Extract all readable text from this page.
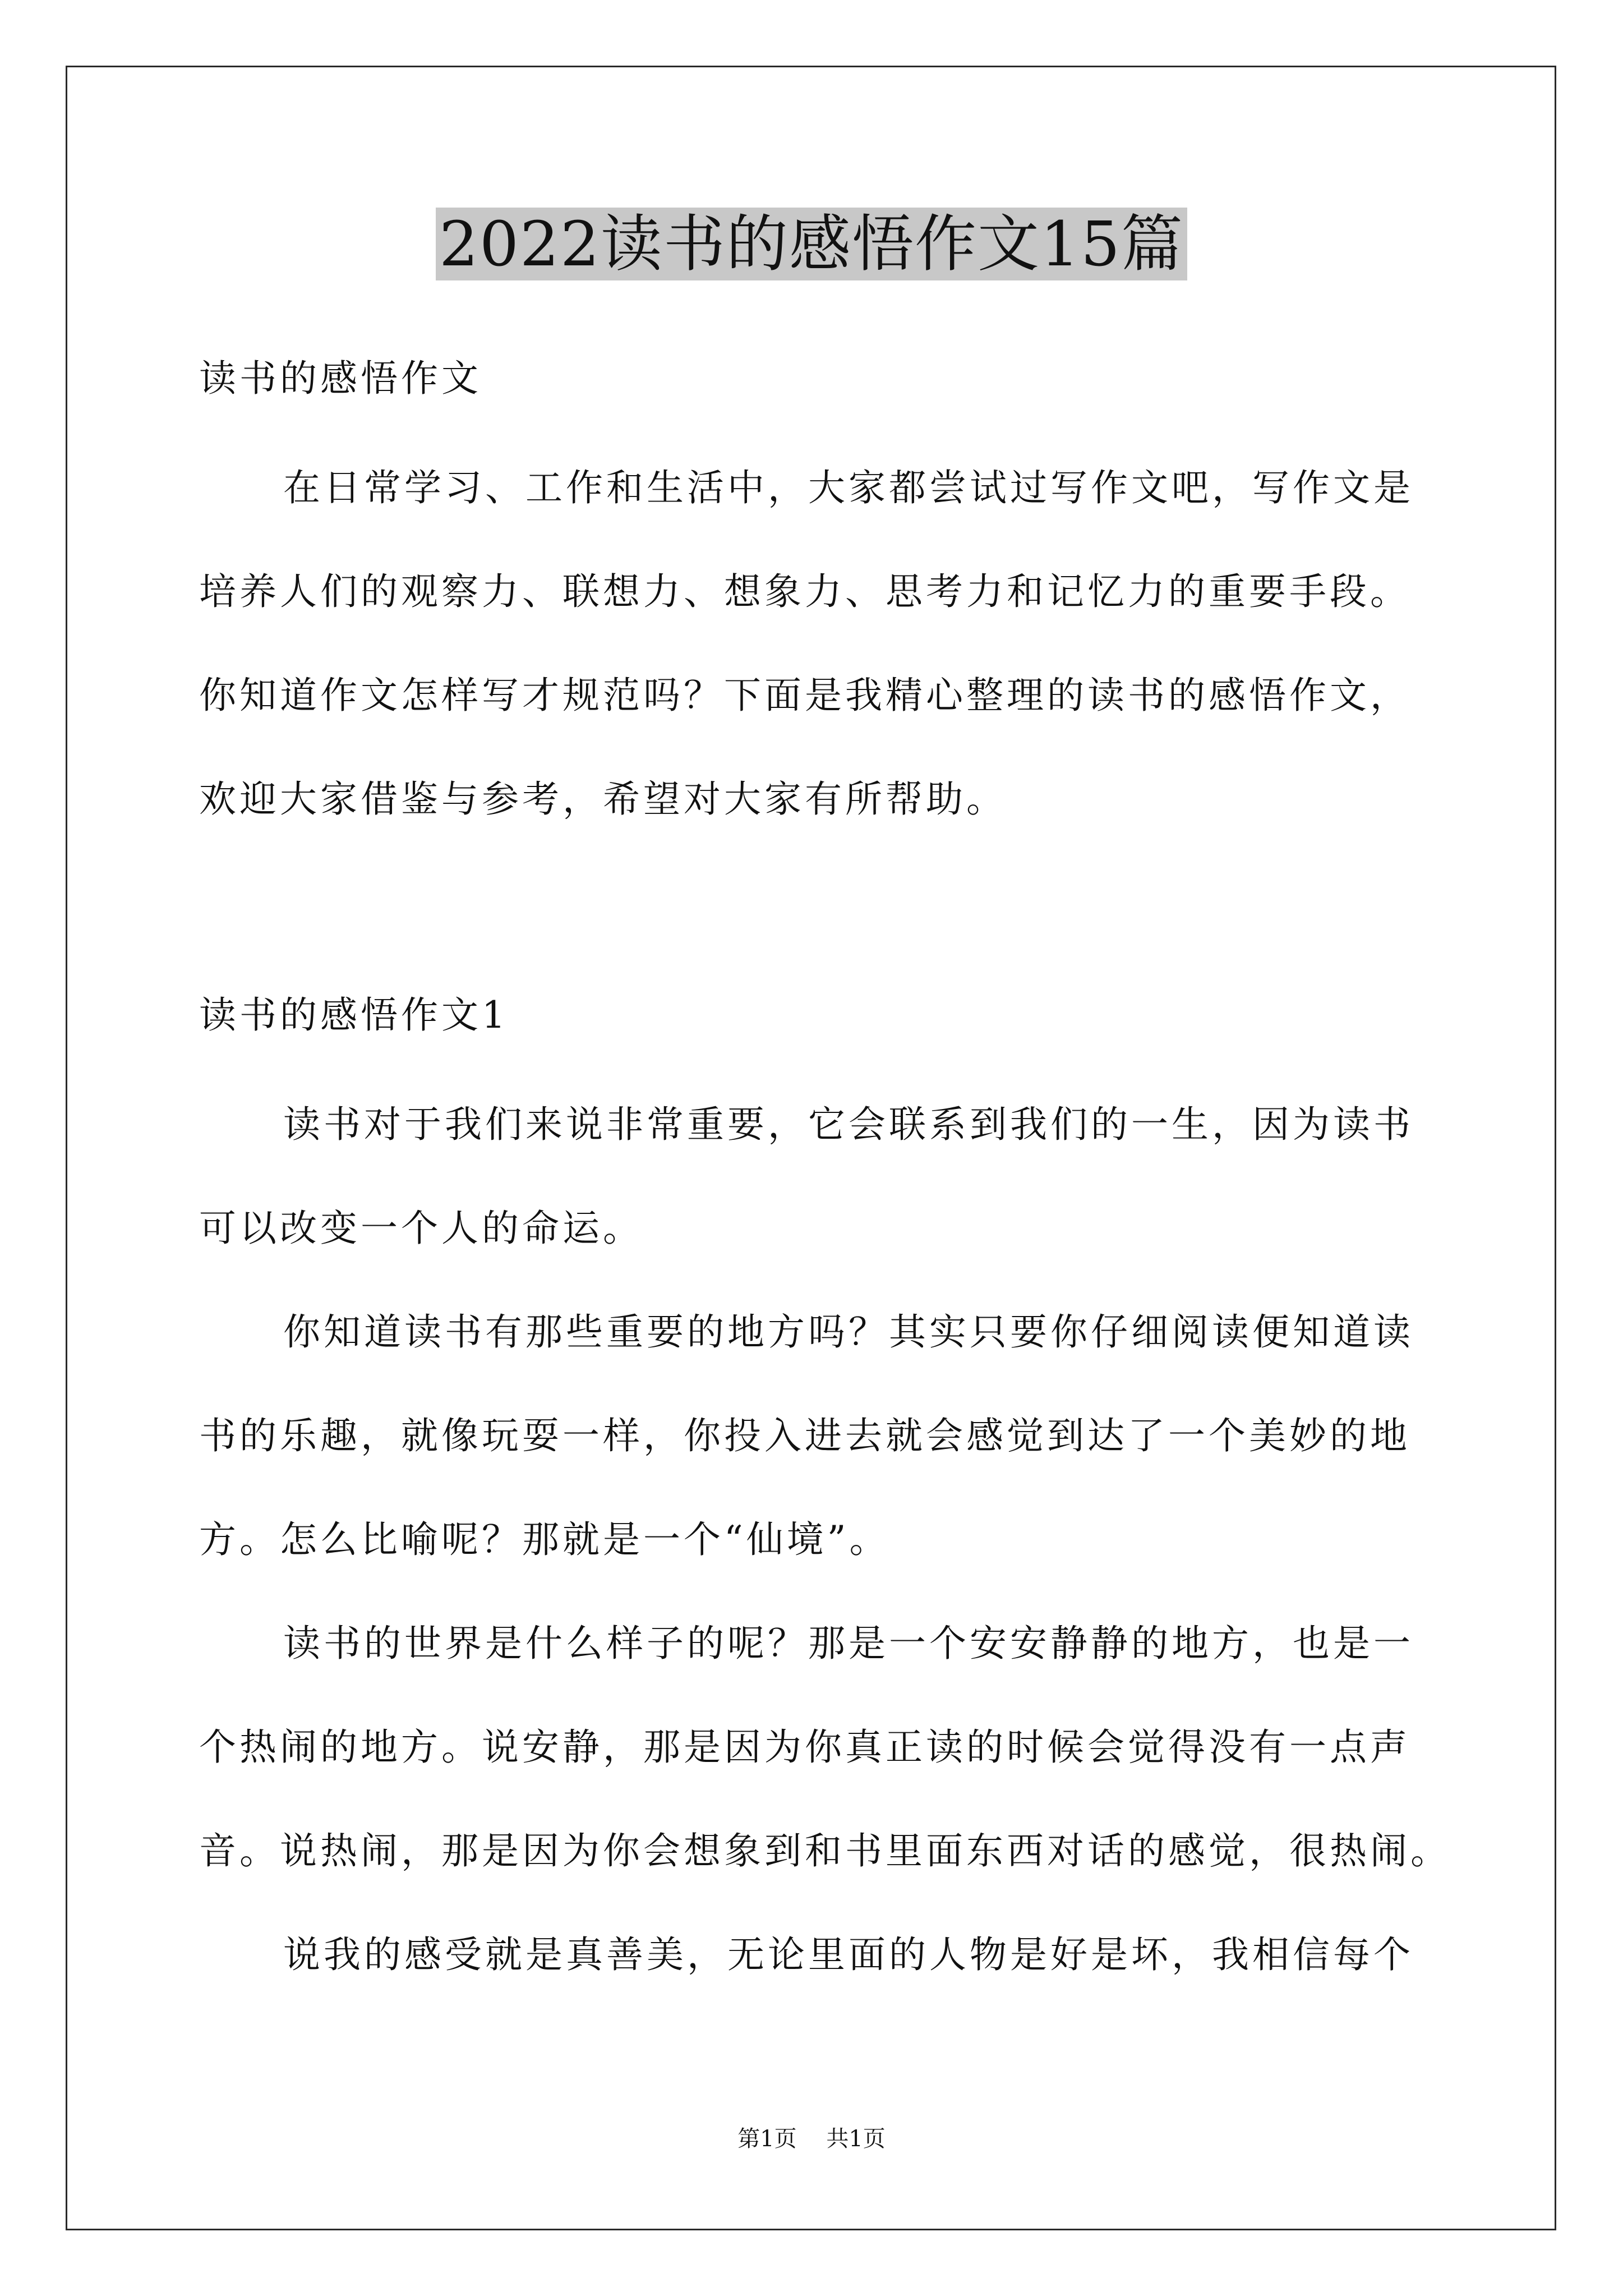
2022读书的感悟作文15篇
读书的感悟作文
在日常学习、工作和生活中，大家都尝试过写作文吧，写作文是
培养人们的观察力、联想力、想象力、思考力和记忆力的重要手段。
你知道作文怎样写才规范吗？下面是我精心整理的读书的感悟作文，
欢迎大家借鉴与参考，希望对大家有所帮助。
读书的感悟作文1
读书对于我们来说非常重要，它会联系到我们的一生，因为读书
可以改变一个人的命运。
你知道读书有那些重要的地方吗？其实只要你仔细阅读便知道读
书的乐趣，就像玩耍一样，你投入进去就会感觉到达了一个美妙的地
方。怎么比喻呢？那就是一个“仙境”。
读书的世界是什么样子的呢？那是一个安安静静的地方，也是一
个热闹的地方。说安静，那是因为你真正读的时候会觉得没有一点声
音。说热闹，那是因为你会想象到和书里面东西对话的感觉，很热闹。
说我的感受就是真善美，无论里面的人物是好是坏，我相信每个
第1页 共1页
